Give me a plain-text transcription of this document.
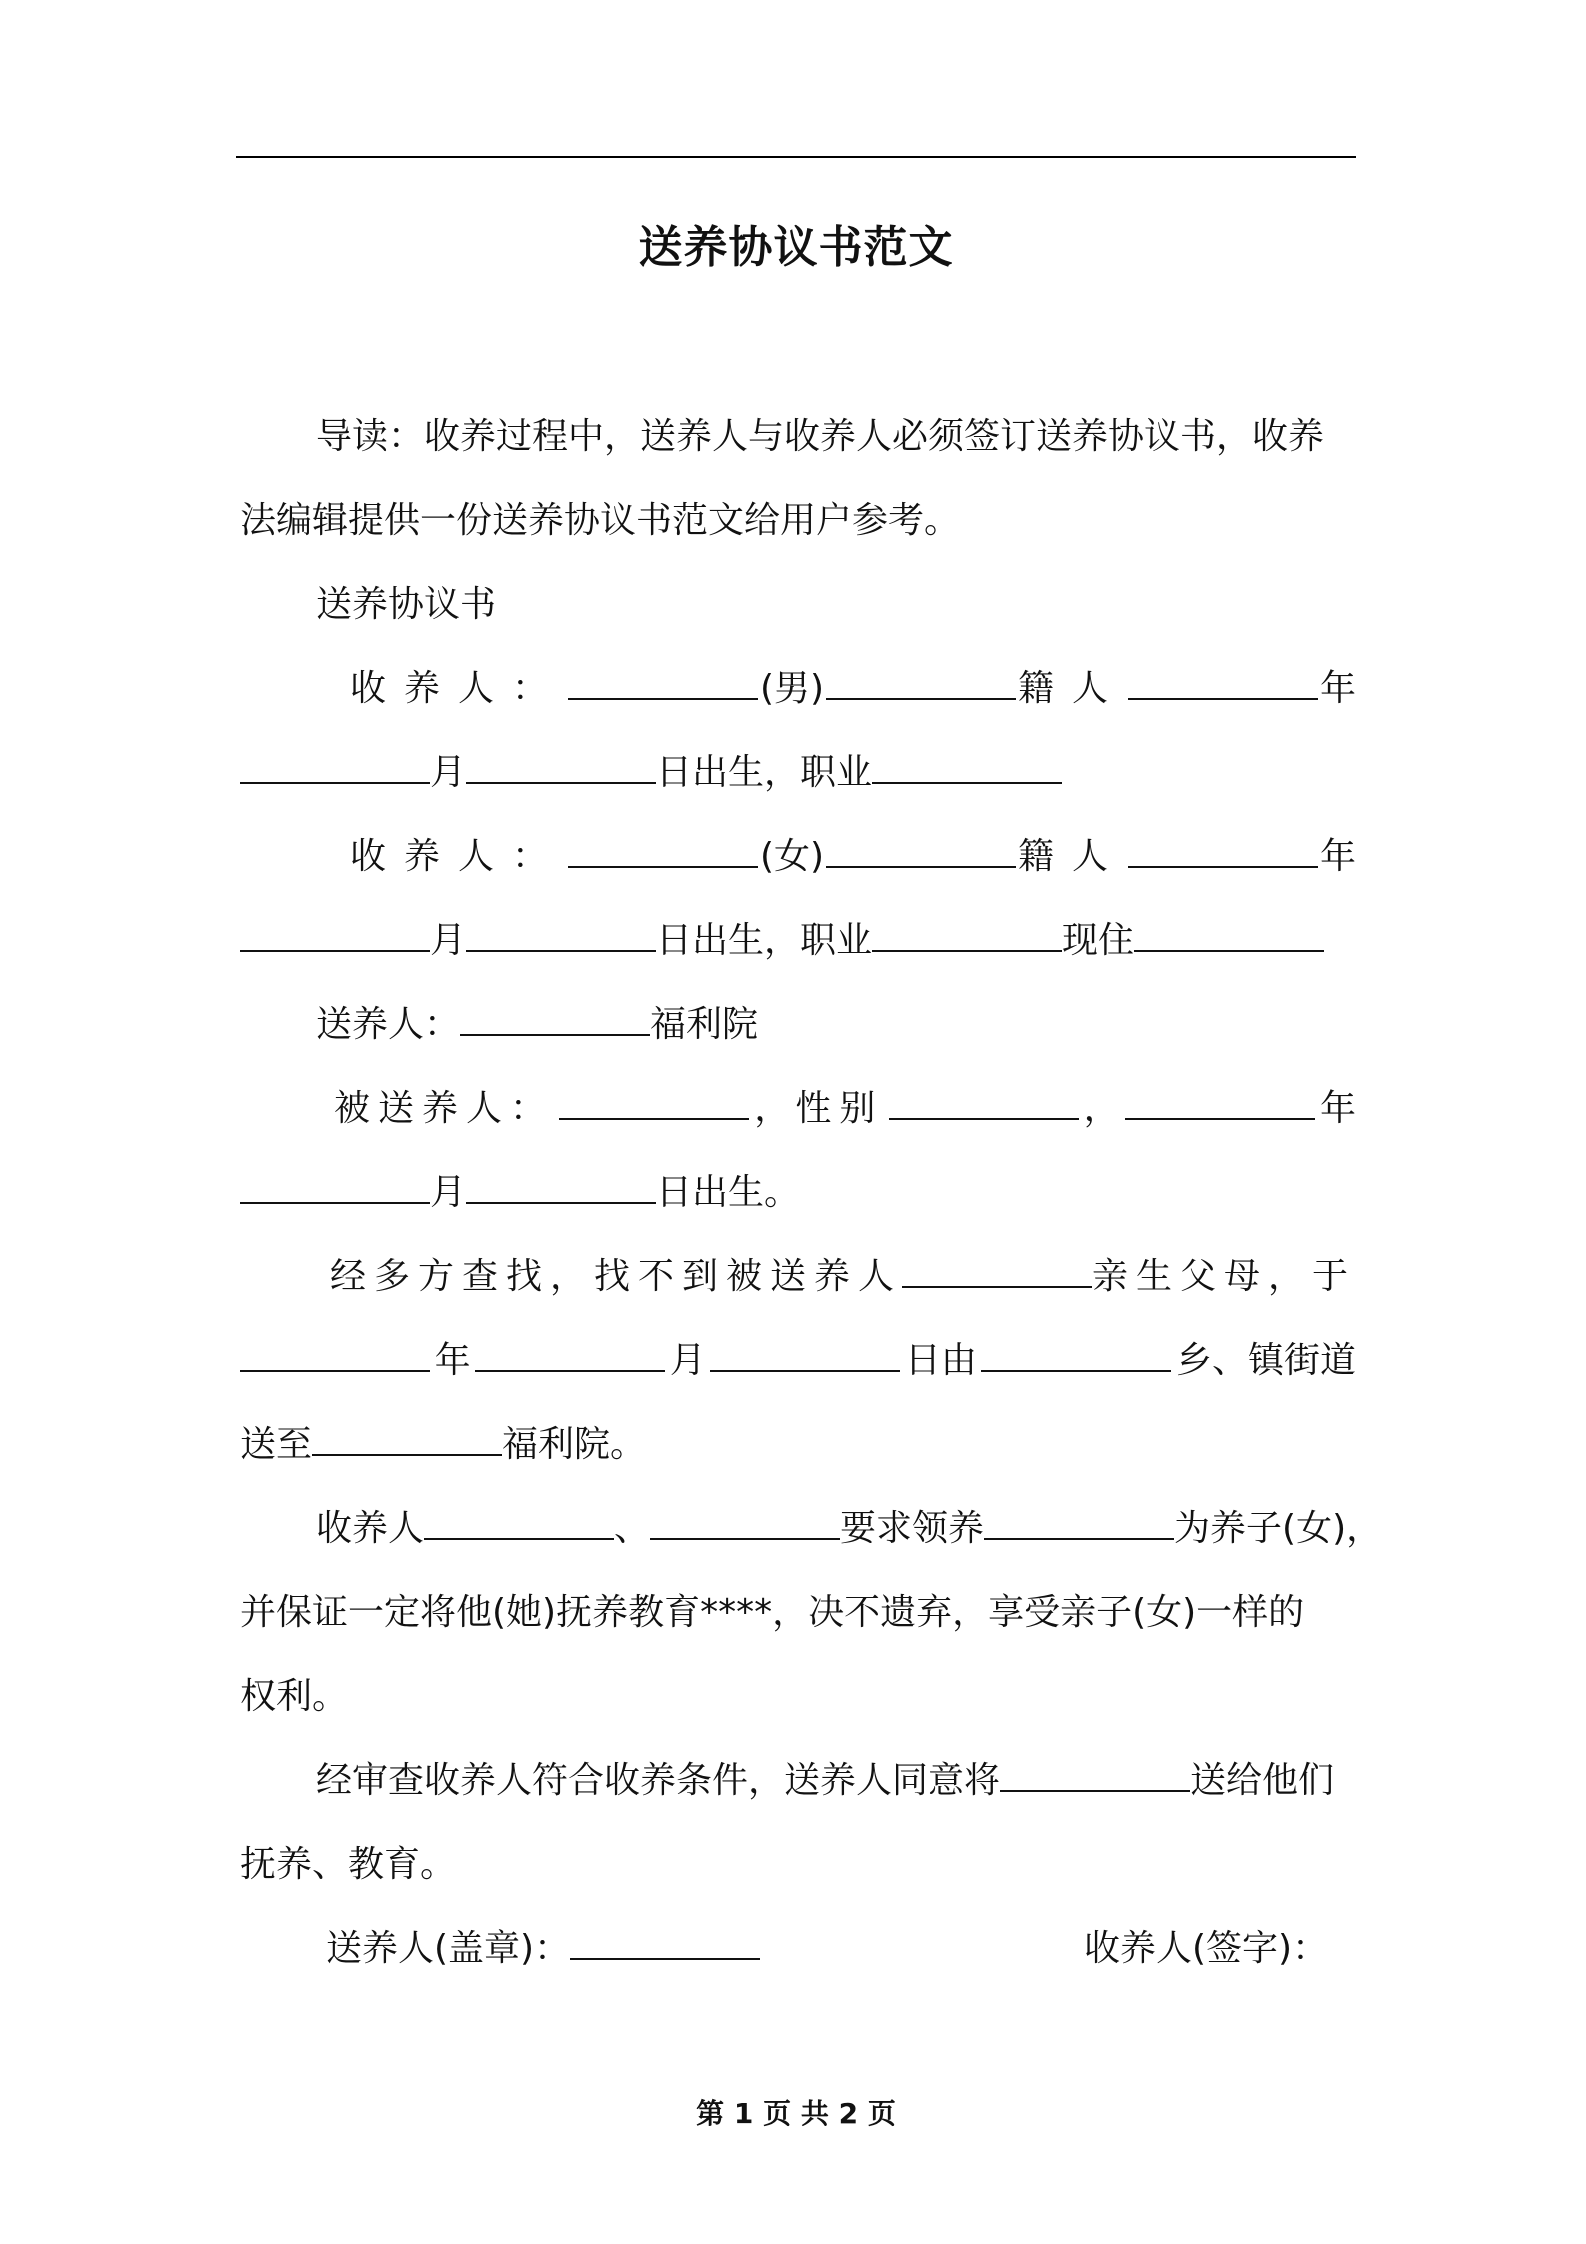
送养协议书范文
导读：收养过程中，送养人与收养人必须签订送养协议书，收养
法编辑提供一份送养协议书范文给用户参考。
送养协议书
收养人：	(男)	籍人	年
月	日出生，职业
收养人：	(女)	籍人	年
月	日出生，职业	现住
送养人：	福利院
被送养人：	， 性别	，	年
月	日出生。
经多方查找，找不到被送养人	亲生父母，于
年	月	日由	乡、镇街道
送至	福利院。
收养人	、	要求领养	为养子(女)，
并保证一定将他(她)抚养教育****，决不遗弃，享受亲子(女)一样的
权利。
经审查收养人符合收养条件，送养人同意将	送给他们
抚养、教育。
送养人(盖章)：	收养人(签字)：
第 1 页 共 2 页
